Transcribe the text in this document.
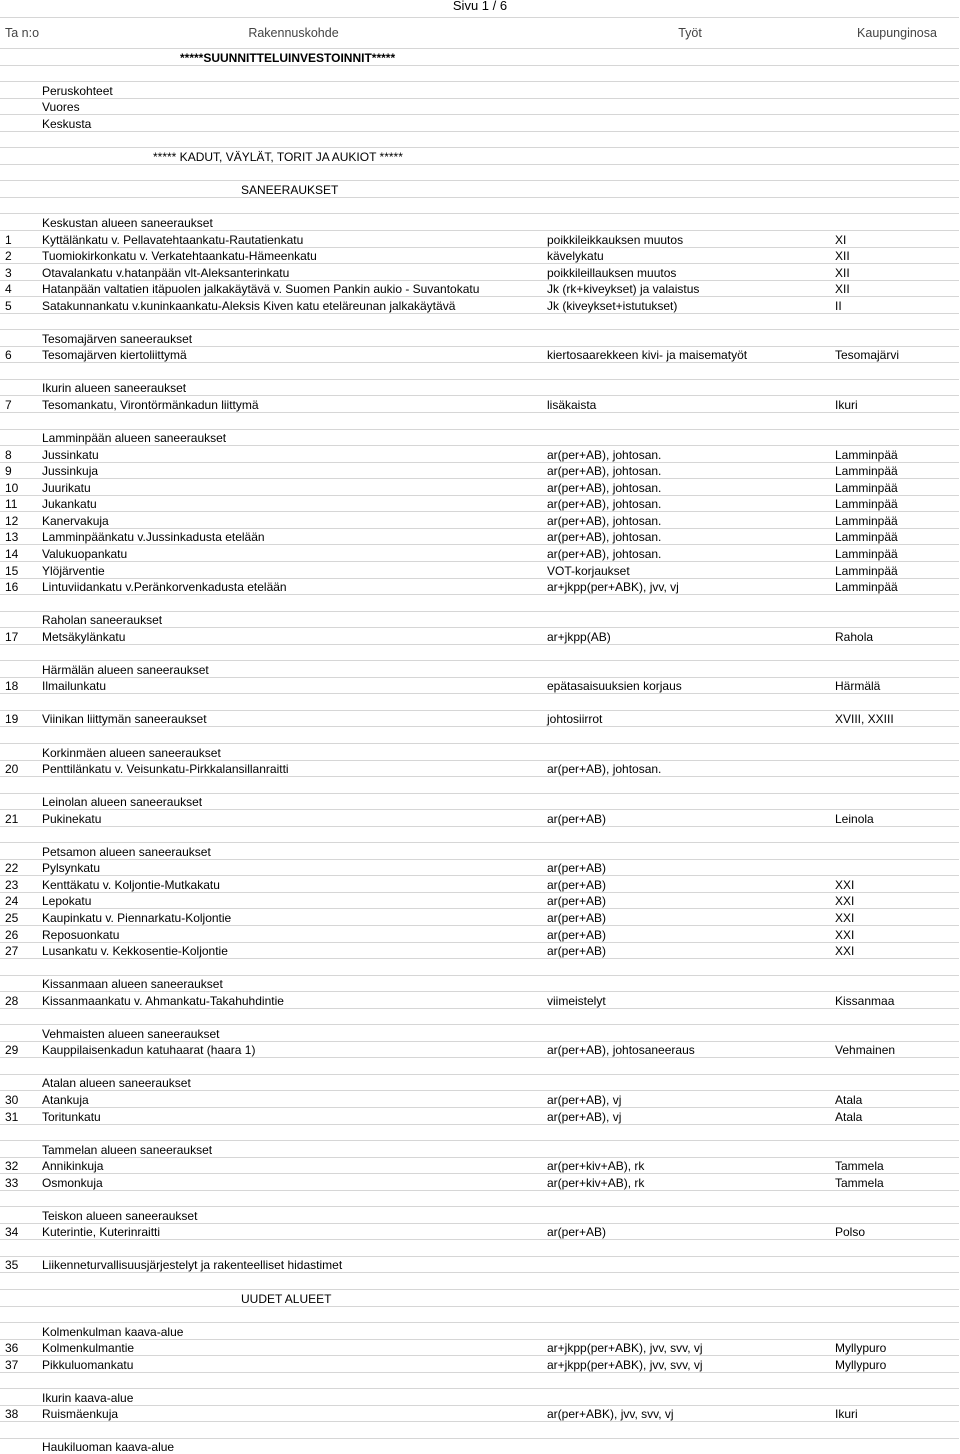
Sivu 1 / 6
Ta n:o	Rakennuskohde	Työt	Kaupunginosa
	*****SUUNNITTELUINVESTOINNIT*****		

	Peruskohteet		
	Vuores		
	Keskusta		

	***** KADUT, VÄYLÄT, TORIT JA AUKIOT *****		

	SANEERAUKSET		

	Keskustan alueen saneeraukset		
1	Kyttälänkatu v. Pellavatehtaankatu-Rautatienkatu	poikkileikkauksen muutos	XI
2	Tuomiokirkonkatu v. Verkatehtaankatu-Hämeenkatu	kävelykatu	XII
3	Otavalankatu v.hatanpään vlt-Aleksanterinkatu	poikkileillauksen muutos	XII
4	Hatanpään valtatien itäpuolen jalkakäytävä v. Suomen Pankin aukio - Suvantokatu	Jk (rk+kiveykset) ja valaistus	XII
5	Satakunnankatu v.kuninkaankatu-Aleksis Kiven katu eteläreunan jalkakäytävä	Jk (kiveykset+istutukset)	II

	Tesomajärven saneeraukset		
6	Tesomajärven kiertoliittymä	kiertosaarekkeen kivi- ja maisematyöt	Tesomajärvi

	Ikurin alueen saneeraukset		
7	Tesomankatu, Virontörmänkadun liittymä	lisäkaista	Ikuri

	Lamminpään alueen saneeraukset		
8	Jussinkatu	ar(per+AB), johtosan.	Lamminpää
9	Jussinkuja	ar(per+AB), johtosan.	Lamminpää
10	Juurikatu	ar(per+AB), johtosan.	Lamminpää
11	Jukankatu	ar(per+AB), johtosan.	Lamminpää
12	Kanervakuja	ar(per+AB), johtosan.	Lamminpää
13	Lamminpäänkatu v.Jussinkadusta etelään	ar(per+AB), johtosan.	Lamminpää
14	Valukuopankatu	ar(per+AB), johtosan.	Lamminpää
15	Ylöjärventie	VOT-korjaukset	Lamminpää
16	Lintuviidankatu v.Peränkorvenkadusta etelään	ar+jkpp(per+ABK), jvv, vj	Lamminpää

	Raholan saneeraukset		
17	Metsäkylänkatu	ar+jkpp(AB)	Rahola

	Härmälän alueen saneeraukset		
18	Ilmailunkatu	epätasaisuuksien korjaus	Härmälä

19	Viinikan liittymän saneeraukset	johtosiirrot	XVIII, XXIII

	Korkinmäen alueen saneeraukset		
20	Penttilänkatu v. Veisunkatu-Pirkkalansillanraitti	ar(per+AB), johtosan.	

	Leinolan alueen saneeraukset		
21	Pukinekatu	ar(per+AB)	Leinola

	Petsamon alueen saneeraukset		
22	Pylsynkatu	ar(per+AB)	
23	Kenttäkatu v. Koljontie-Mutkakatu	ar(per+AB)	XXI
24	Lepokatu	ar(per+AB)	XXI
25	Kaupinkatu v. Piennarkatu-Koljontie	ar(per+AB)	XXI
26	Reposuonkatu	ar(per+AB)	XXI
27	Lusankatu v. Kekkosentie-Koljontie	ar(per+AB)	XXI

	Kissanmaan alueen saneeraukset		
28	Kissanmaankatu v. Ahmankatu-Takahuhdintie	viimeistelyt	Kissanmaa

	Vehmaisten alueen saneeraukset		
29	Kauppilaisenkadun katuhaarat (haara 1)	ar(per+AB), johtosaneeraus	Vehmainen

	Atalan alueen saneeraukset		
30	Atankuja	ar(per+AB), vj	Atala
31	Toritunkatu	ar(per+AB), vj	Atala

	Tammelan alueen saneeraukset		
32	Annikinkuja	ar(per+kiv+AB), rk	Tammela
33	Osmonkuja	ar(per+kiv+AB), rk	Tammela

	Teiskon alueen saneeraukset		
34	Kuterintie, Kuterinraitti	ar(per+AB)	Polso

35	Liikenneturvallisuusjärjestelyt ja rakenteelliset hidastimet		

	UUDET ALUEET		

	Kolmenkulman kaava-alue		
36	Kolmenkulmantie	ar+jkpp(per+ABK), jvv, svv, vj	Myllypuro
37	Pikkuluomankatu	ar+jkpp(per+ABK), jvv, svv, vj	Myllypuro

	Ikurin kaava-alue		
38	Ruismäenkuja	ar(per+ABK), jvv, svv, vj	Ikuri

	Haukiluoman kaava-alue		
